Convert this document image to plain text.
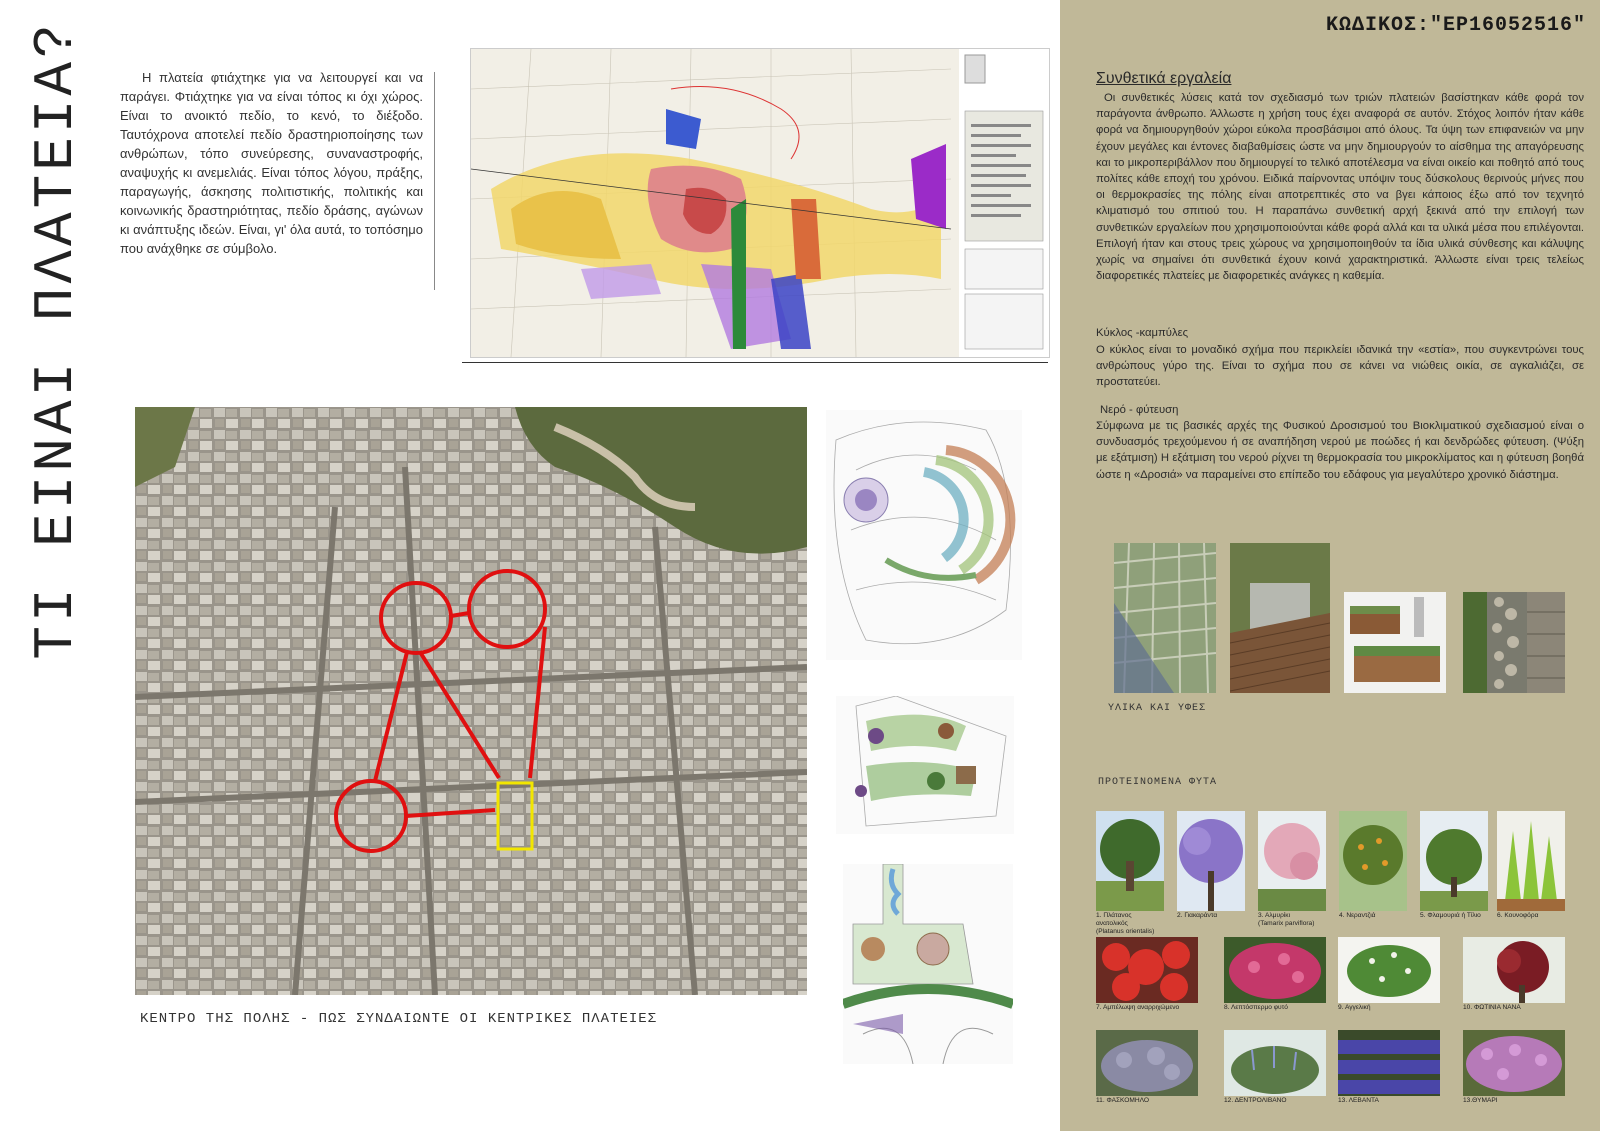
ΤΙ ΕΙΝΑΙ ΠΛΑΤΕΙΑ?	Η πλατεία φτιάχτηκε για να λειτουργεί και να παράγει. Φτιάχτηκε για να είναι τόπος κι όχι χώρος. Είναι το ανοικτό πεδίο, το κενό, το διέξοδο. Ταυτόχρονα αποτελεί πεδίο δραστηριοποίησης των ανθρώπων, τόπο συνεύρεσης, συναναστροφής, αναψυχής κι ανεμελιάς. Είναι τόπος λόγου, πράξης, παραγωγής, άσκησης πολιτιστικής, πολιτικής και κοινωνικής δραστηριότητας, πεδίο δράσης, αγώνων κι ανάπτυξης ιδεών. Είναι, γι' όλα αυτά, το τοπόσημο που ανάχθηκε σε σύμβολο.
ΚΕΝΤΡΟ ΤΗΣ ΠΟΛΗΣ - ΠΩΣ ΣΥΝΔΑΙΩΝΤΕ ΟΙ ΚΕΝΤΡΙΚΕΣ ΠΛΑΤΕΙΕΣ
ΚΩΔΙΚΟΣ:"ΕΡ16052516"
Συνθετικά εργαλεία
Οι συνθετικές λύσεις κατά τον σχεδιασμό των τριών πλατειών βασίστηκαν κάθε φορά τον παράγοντα άνθρωπο. Άλλωστε η χρήση τους έχει αναφορά σε αυτόν. Στόχος λοιπόν ήταν κάθε φορά να δημιουργηθούν χώροι εύκολα προσβάσιμοι από όλους. Τα ύψη των επιφανειών να μην έχουν μεγάλες και έντονες διαβαθμίσεις ώστε να μην δημιουργούν το αίσθημα της απαγόρευσης και το μικροπεριβάλλον που δημιουργεί το τελικό αποτέλεσμα να είναι οικείο και ποθητό από τους πολίτες κάθε εποχή του χρόνου. Ειδικά παίρνοντας υπόψιν τους δύσκολους θερινούς μήνες που οι θερμοκρασίες της πόλης είναι αποτρεπτικές στο να βγει κάποιος έξω από τον τεχνητό κλιματισμό του σπιτιού του. Η παραπάνω συνθετική αρχή ξεκινά από την επιλογή των συνθετικών εργαλείων που χρησιμοποιούνται κάθε φορά αλλά και τα υλικά μέσα που επιλέγονται. Επιλογή ήταν και στους τρεις χώρους να χρησιμοποιηθούν τα ίδια υλικά σύνθεσης και κάλυψης χωρίς να σημαίνει ότι συνθετικά έχουν κοινά χαρακτηριστικά. Άλλωστε είναι τρεις τελείως διαφορετικές πλατείες με διαφορετικές ανάγκες η καθεμία.
Κύκλος -καμπύλες
Ο κύκλος είναι το μοναδικό σχήμα που περικλείει ιδανικά την «εστία», που συγκεντρώνει τους ανθρώπους γύρο της. Είναι το σχήμα που σε κάνει να νιώθεις οικία, σε αγκαλιάζει, σε προστατεύει.
Νερό - φύτευση
Σύμφωνα με τις βασικές αρχές της Φυσικού Δροσισμού του Βιοκλιματικού σχεδιασμού είναι ο συνδυασμός τρεχούμενου ή σε αναπήδηση νερού με ποώδες ή και δενδρώδες φύτευση. (Ψύξη με εξάτμιση) Η εξάτμιση του νερού ρίχνει τη θερμοκρασία του μικροκλίματος και η φύτευση βοηθά ώστε η «Δροσιά» να παραμείνει στο επίπεδο του εδάφους για μεγαλύτερο χρονικό διάστημα.
ΥΛΙΚΑ ΚΑΙ ΥΦΕΣ
ΠΡΟΤΕΙΝΟΜΕΝΑ ΦΥΤΑ
1. Πλάτανος ανατολικός
(Platanus orientalis)
2. Γιακαράντα	3. Αλμυρίκι
(Tamarix parviflora)
4. Νεραντζιά	5. Φλαμουριά ή Τίλιο	6. Κουνοφόρα
7. Αμπέλωψη αναρριχώμενο	8. Λεπτόσπερμο φυτό	9. Αγγελική	10. ΦΩΤΙΝΙΑ ΝΑΝΑ
11. ΦΑΣΚΟΜΗΛΟ	12. ΔΕΝΤΡΟΛΙΒΑΝΟ	13. ΛΕΒΑΝΤΑ	13.ΘΥΜΑΡΙ
